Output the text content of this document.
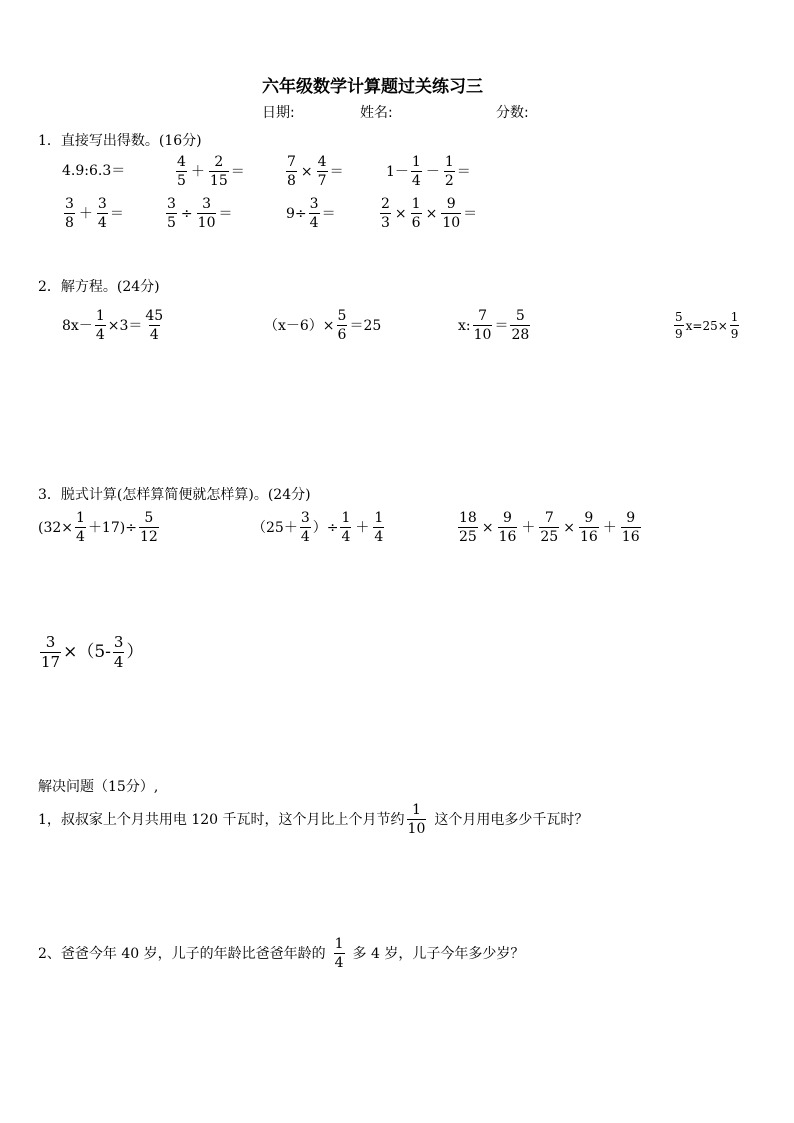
六年级数学计算题过关练习三
日期:	姓名:	分数:
1．直接写出得数。(16分)
4.9:6.3＝	$\frac{4}{5} + \frac{2}{15}$ ＝	$\frac{7}{8} \times \frac{4}{7}$ ＝	$1- \frac{1}{4} - \frac{1}{2}$ ＝
$\frac{3}{8} + \frac{3}{4}$ ＝	$\frac{3}{5} \div \frac{3}{10}$ ＝	$9\div \frac{3}{4}$ ＝	$\frac{2}{3} \times \frac{1}{6} \times \frac{9}{10}$ ＝
2．解方程。(24分)
$8x- \frac{1}{4} \times 3= \frac{45}{4}$	$(x-6)\times \frac{5}{6} =25$	x: $\frac{7}{10} = \frac{5}{28}$	$\frac{5}{9} x=25\times \frac{1}{9}$
3．脱式计算(怎样算简便就怎样算)。(24分)
$(32\times \frac{1}{4} +17)\div \frac{5}{12}$	（$25+ \frac{3}{4}$ ）÷ $\frac{1}{4} + \frac{1}{4}$	$\frac{18}{25} \times \frac{9}{16} + \frac{7}{25} \times \frac{9}{16} + \frac{9}{16}$
$\frac{3}{17} \times(5- \frac{3}{4}$ ）
解决问题（15分）,
1，叔叔家上个月共用电 120 千瓦时，这个月比上个月节约 $\frac{1}{10}$ 这个月用电多少千瓦时？
2、爸爸今年 40 岁，儿子的年龄比爸爸年龄的 $\frac{1}{4}$ 多 4 岁，儿子今年多少岁？
